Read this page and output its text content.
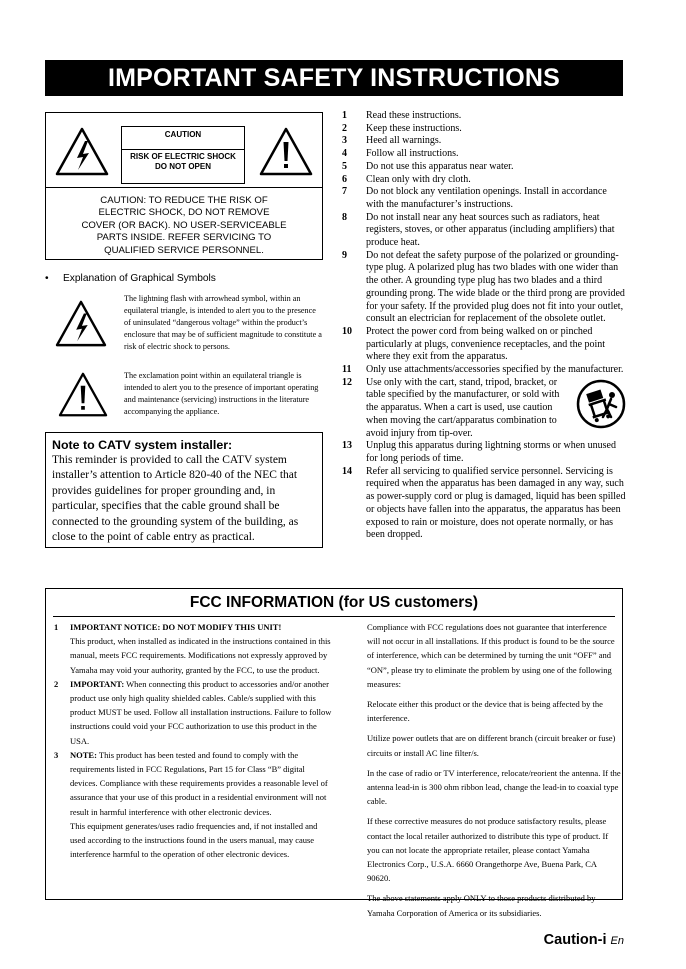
IMPORTANT SAFETY INSTRUCTIONS
CAUTION
RISK OF ELECTRIC SHOCK
DO NOT OPEN
CAUTION: TO REDUCE THE RISK OF
ELECTRIC SHOCK, DO NOT REMOVE
COVER (OR BACK). NO USER-SERVICEABLE
PARTS INSIDE. REFER SERVICING TO
QUALIFIED SERVICE PERSONNEL.
• Explanation of Graphical Symbols
The lightning flash with arrowhead symbol, within an equilateral triangle, is intended to alert you to the presence of uninsulated “dangerous voltage” within the product’s enclosure that may be of sufficient magnitude to constitute a risk of electric shock to persons.
The exclamation point within an equilateral triangle is intended to alert you to the presence of important operating and maintenance (servicing) instructions in the literature accompanying the appliance.
Note to CATV system installer:

This reminder is provided to call the CATV system installer’s attention to Article 820-40 of the NEC that provides guidelines for proper grounding and, in particular, specifies that the cable ground shall be connected to the grounding system of the building, as close to the point of cable entry as practical.

1 Read these instructions.
2 Keep these instructions.
3 Heed all warnings.
4 Follow all instructions.
5 Do not use this apparatus near water.
6 Clean only with dry cloth.
7 Do not block any ventilation openings. Install in accordance with the manufacturer’s instructions.
8 Do not install near any heat sources such as radiators, heat registers, stoves, or other apparatus (including amplifiers) that produce heat.
9 Do not defeat the safety purpose of the polarized or grounding-type plug. A polarized plug has two blades with one wider than the other. A grounding type plug has two blades and a third grounding prong. The wide blade or the third prong are provided for your safety. If the provided plug does not fit into your outlet, consult an electrician for replacement of the obsolete outlet.
10 Protect the power cord from being walked on or pinched particularly at plugs, convenience receptacles, and the point where they exit from the apparatus.
11 Only use attachments/accessories specified by the manufacturer.
12 Use only with the cart, stand, tripod, bracket, or table specified by the manufacturer, or sold with the apparatus. When a cart is used, use caution when moving the cart/apparatus combination to avoid injury from tip-over.
13 Unplug this apparatus during lightning storms or when unused for long periods of time.
14 Refer all servicing to qualified service personnel. Servicing is required when the apparatus has been damaged in any way, such as power-supply cord or plug is damaged, liquid has been spilled or objects have fallen into the apparatus, the apparatus has been exposed to rain or moisture, does not operate normally, or has been dropped.
FCC INFORMATION (for US customers)
1 IMPORTANT NOTICE: DO NOT MODIFY THIS UNIT!
This product, when installed as indicated in the instructions contained in this manual, meets FCC requirements. Modifications not expressly approved by Yamaha may void your authority, granted by the FCC, to use the product.
2 IMPORTANT: When connecting this product to accessories and/or another product use only high quality shielded cables. Cable/s supplied with this product MUST be used. Follow all installation instructions. Failure to follow instructions could void your FCC authorization to use this product in the USA.
3 NOTE: This product has been tested and found to comply with the requirements listed in FCC Regulations, Part 15 for Class “B” digital devices. Compliance with these requirements provides a reasonable level of assurance that your use of this product in a residential environment will not result in harmful interference with other electronic devices.
This equipment generates/uses radio frequencies and, if not installed and used according to the instructions found in the users manual, may cause interference harmful to the operation of other electronic devices.

Compliance with FCC regulations does not guarantee that interference will not occur in all installations. If this product is found to be the source of interference, which can be determined by turning the unit “OFF” and “ON”, please try to eliminate the problem by using one of the following measures:

Relocate either this product or the device that is being affected by the interference.

Utilize power outlets that are on different branch (circuit breaker or fuse) circuits or install AC line filter/s.

In the case of radio or TV interference, relocate/reorient the antenna. If the antenna lead-in is 300 ohm ribbon lead, change the lead-in to coaxial type cable.

If these corrective measures do not produce satisfactory results, please contact the local retailer authorized to distribute this type of product. If you can not locate the appropriate retailer, please contact Yamaha Electronics Corp., U.S.A. 6660 Orangethorpe Ave, Buena Park, CA 90620.

The above statements apply ONLY to those products distributed by Yamaha Corporation of America or its subsidiaries.

Caution-i En
